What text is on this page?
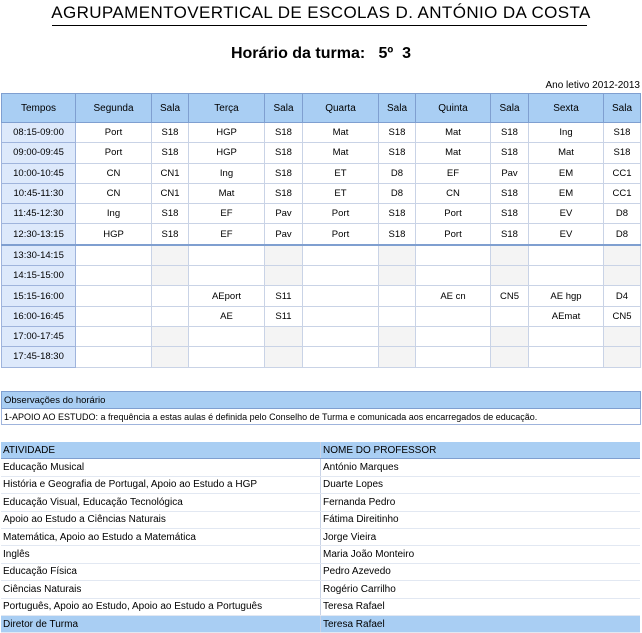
AGRUPAMENTOVERTICAL DE ESCOLAS D. ANTÓNIO DA COSTA
Horário da turma: 5º  3
Ano letivo 2012-2013
Tempos	Segunda	Sala	Terça	Sala	Quarta	Sala	Quinta	Sala	Sexta	Sala
08:15-09:00	Port	S18	HGP	S18	Mat	S18	Mat	S18	Ing	S18
09:00-09:45	Port	S18	HGP	S18	Mat	S18	Mat	S18	Mat	S18
10:00-10:45	CN	CN1	Ing	S18	ET	D8	EF	Pav	EM	CC1
10:45-11:30	CN	CN1	Mat	S18	ET	D8	CN	S18	EM	CC1
11:45-12:30	Ing	S18	EF	Pav	Port	S18	Port	S18	EV	D8
12:30-13:15	HGP	S18	EF	Pav	Port	S18	Port	S18	EV	D8
13:30-14:15										
14:15-15:00										
15:15-16:00			AEport	S11			AE cn	CN5	AE hgp	D4
16:00-16:45			AE	S11					AEmat	CN5
17:00-17:45										
17:45-18:30										
Observações do horário
1-APOIO AO ESTUDO: a frequência a estas aulas é definida pelo Conselho de Turma e comunicada aos encarregados de educação.
ATIVIDADE	NOME DO PROFESSOR
Educação Musical	António Marques
História e Geografia de Portugal, Apoio ao Estudo a HGP	Duarte Lopes
Educação Visual, Educação Tecnológica	Fernanda Pedro
Apoio ao Estudo a Ciências Naturais	Fátima Direitinho
Matemática, Apoio ao Estudo a Matemática	Jorge Vieira
Inglês	Maria João Monteiro
Educação Física	Pedro Azevedo
Ciências Naturais	Rogério Carrilho
Português, Apoio ao Estudo, Apoio ao Estudo a Português	Teresa Rafael
Diretor de Turma	Teresa Rafael
